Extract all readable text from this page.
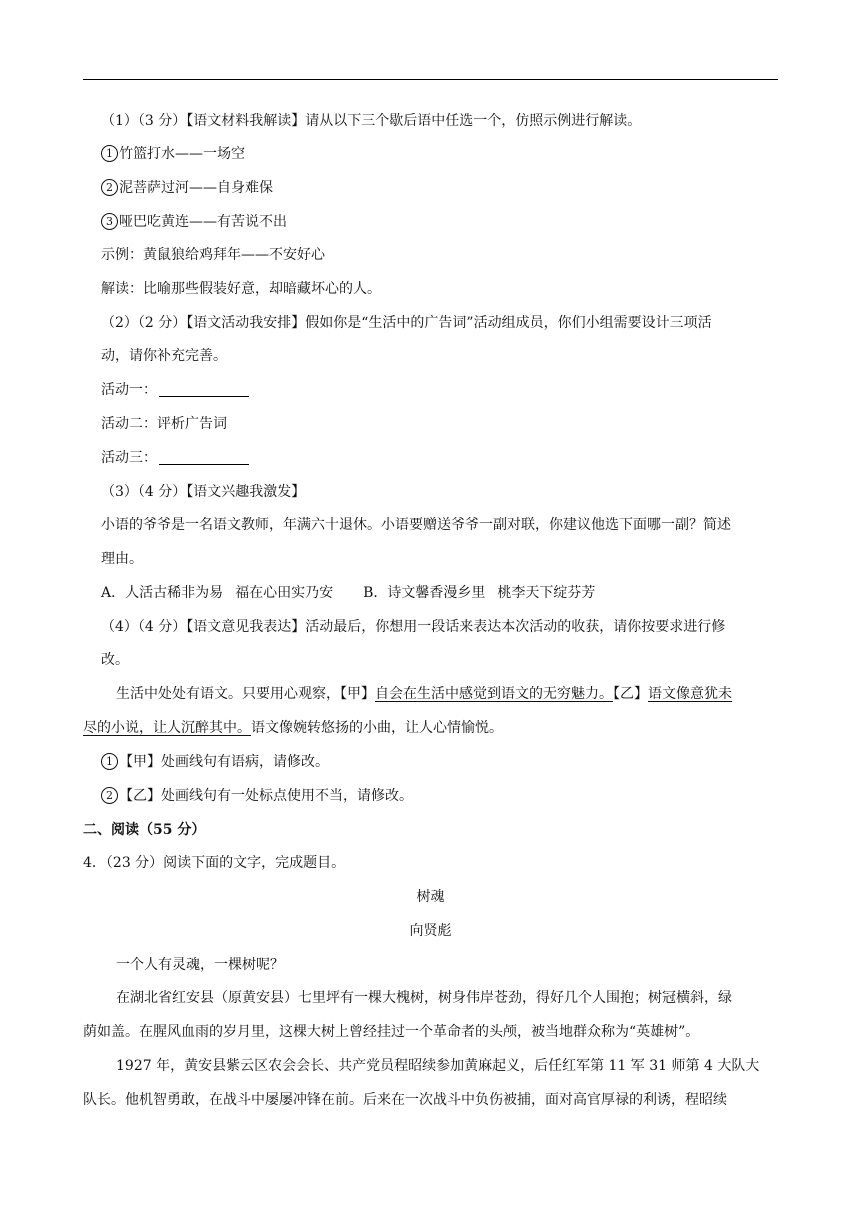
（1）（3 分）【语文材料我解读】请从以下三个歇后语中任选一个，仿照示例进行解读。
1 竹篮打水——一场空
2 泥菩萨过河——自身难保
3 哑巴吃黄连——有苦说不出
示例：黄鼠狼给鸡拜年——不安好心
解读：比喻那些假装好意，却暗藏坏心的人。
（2）（2 分）【语文活动我安排】假如你是“生活中的广告词”活动组成员，你们小组需要设计三项活
动，请你补充完善。
活动一：
活动二：评析广告词
活动三：
（3）（4 分）【语文兴趣我激发】
小语的爷爷是一名语文教师，年满六十退休。小语要赠送爷爷一副对联，你建议他选下面哪一副？简述
理由。
A．人活古稀非为易 福在心田实乃安 B．诗文馨香漫乡里 桃李天下绽芬芳
（4）（4 分）【语文意见我表达】活动最后，你想用一段话来表达本次活动的收获，请你按要求进行修
改。
生活中处处有语文。只要用心观察，【甲】自会在生活中感觉到语文的无穷魅力。【乙】语文像意犹未
尽的小说，让人沉醉其中。语文像婉转悠扬的小曲，让人心情愉悦。
1 【甲】处画线句有语病，请修改。
2 【乙】处画线句有一处标点使用不当，请修改。
二、阅读（55 分）
4．（23 分）阅读下面的文字，完成题目。
树魂
向贤彪
一个人有灵魂，一棵树呢？
在湖北省红安县（原黄安县）七里坪有一棵大槐树，树身伟岸苍劲，得好几个人围抱；树冠横斜，绿
荫如盖。在腥风血雨的岁月里，这棵大树上曾经挂过一个革命者的头颅，被当地群众称为“英雄树”。
1927 年，黄安县紫云区农会会长、共产党员程昭续参加黄麻起义，后任红军第 11 军 31 师第 4 大队大
队长。他机智勇敢，在战斗中屡屡冲锋在前。后来在一次战斗中负伤被捕，面对高官厚禄的利诱，程昭续
